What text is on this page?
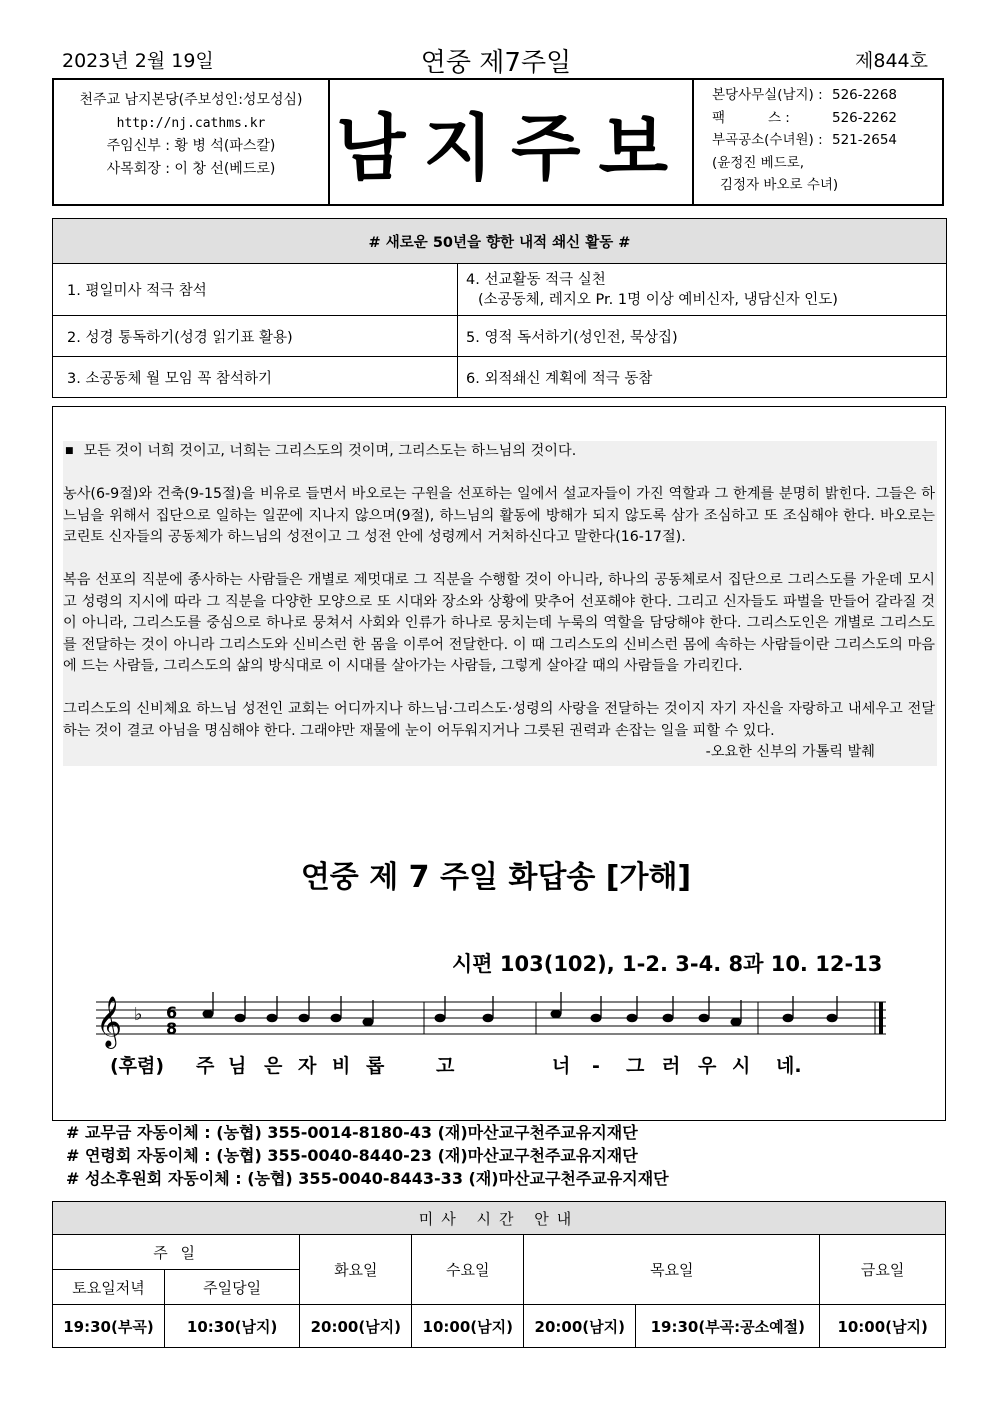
2023년 2월 19일	연중 제7주일	제844호
천주교 남지본당(주보성인:성모성심)
http://nj.cathms.kr
주임신부 : 황 병 석(파스칼)
사목회장 : 이 창 선(베드로) 남지주보
본당사무실(남지) : 526-2268
팩          스 :	526-2262
부곡공소(수녀원) : 521-2654
(윤정진 베드로,
김정자 바오로 수녀)
# 새로운 50년을 향한 내적 쇄신 활동 #	
1. 평일미사 적극 참석	4. 선교활동 적극 실천
(소공동체, 레지오 Pr. 1명 이상 예비신자, 냉담신자 인도)

2. 성경 통독하기(성경 읽기표 활용)	5. 영적 독서하기(성인전, 묵상집)
3. 소공동체 월 모임 꼭 참석하기	6. 외적쇄신 계획에 적극 동참

■ 모든 것이 너희 것이고, 너희는 그리스도의 것이며, 그리스도는 하느님의 것이다.

농사(6-9절)와 건축(9-15절)을 비유로 들면서 바오로는 구원을 선포하는 일에서 설교자들이 가진 역할과 그 한계를 분명히 밝힌다. 그들은 하느님을 위해서 집단으로 일하는 일꾼에 지나지 않으며(9절), 하느님의 활동에 방해가 되지 않도록 삼가 조심하고 또 조심해야 한다. 바오로는 코린토 신자들의 공동체가 하느님의 성전이고 그 성전 안에 성령께서 거처하신다고 말한다(16-17절).

복음 선포의 직분에 종사하는 사람들은 개별로 제멋대로 그 직분을 수행할 것이 아니라, 하나의 공동체로서 집단으로 그리스도를 가운데 모시고 성령의 지시에 따라 그 직분을 다양한 모양으로 또 시대와 장소와 상황에 맞추어 선포해야 한다. 그리고 신자들도 파벌을 만들어 갈라질 것이 아니라, 그리스도를 중심으로 하나로 뭉쳐서 사회와 인류가 하나로 뭉치는데 누룩의 역할을 담당해야 한다. 그리스도인은 개별로 그리스도를 전달하는 것이 아니라 그리스도와 신비스런 한 몸을 이루어 전달한다. 이 때 그리스도의 신비스런 몸에 속하는 사람들이란 그리스도의 마음에 드는 사람들, 그리스도의 삶의 방식대로 이 시대를 살아가는 사람들, 그렇게 살아갈 때의 사람들을 가리킨다.

그리스도의 신비체요 하느님 성전인 교회는 어디까지나 하느님·그리스도·성령의 사랑을 전달하는 것이지 자기 자신을 자랑하고 내세우고 전달하는 것이 결코 아님을 명심해야 한다. 그래야만 재물에 눈이 어두워지거나 그릇된 권력과 손잡는 일을 피할 수 있다.
-오요한 신부의 가톨릭 발췌

연중 제 7 주일 화답송 [가해]
시편 103(102), 1-2. 3-4. 8과 10. 12-13
𝄞 ♭ 6
8
(후렴) 주 님 은 자 비 롭	고	너 - 그 러 우 시 네.
# 교무금 자동이체 : (농협) 355-0014-8180-43 (재)마산교구천주교유지재단
# 연령회 자동이체 : (농협) 355-0040-8440-23 (재)마산교구천주교유지재단
# 성소후원회 자동이체 : (농협) 355-0040-8443-33 (재)마산교구천주교유지재단
미사 시간 안내						
주 일		화요일	수요일	목요일		금요일
토요일저녁	주일당일					
19:30(부곡)	10:30(남지)	20:00(남지)	10:00(남지)	20:00(남지)	19:30(부곡:공소예절)	10:00(남지)
